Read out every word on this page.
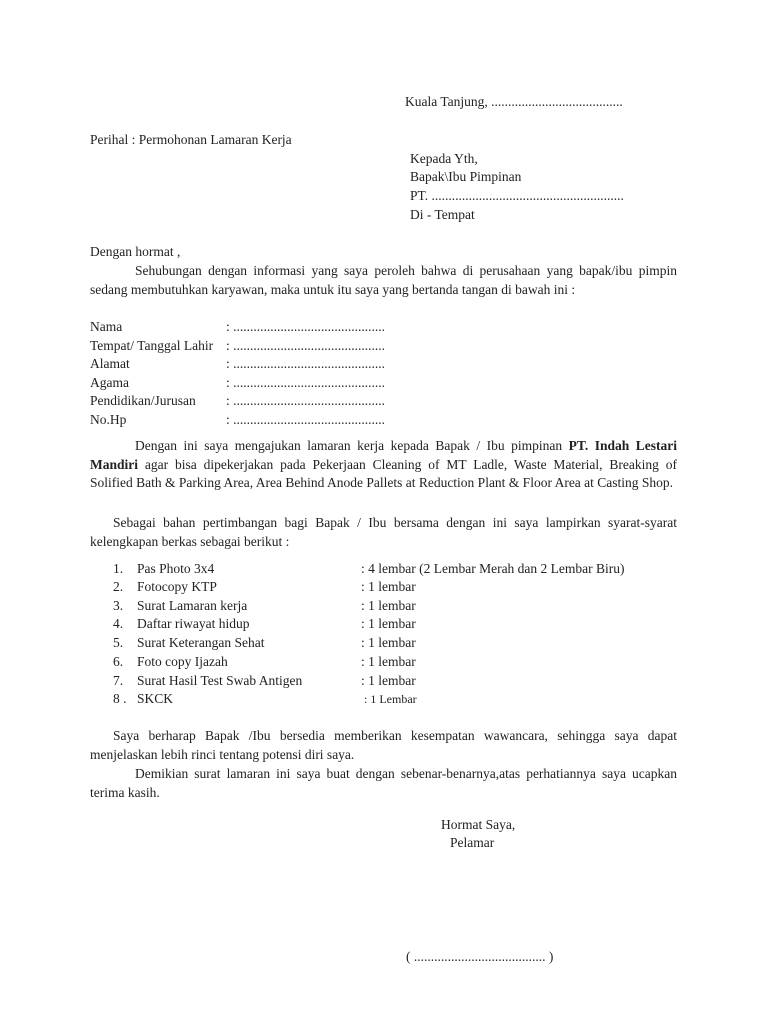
Kuala Tanjung, .......................................
Perihal : Permohonan Lamaran Kerja
Kepada Yth,
Bapak\Ibu Pimpinan
PT. .........................................................
Di - Tempat
Dengan hormat ,
Sehubungan dengan informasi yang saya peroleh bahwa di perusahaan yang bapak/ibu pimpin sedang membutuhkan karyawan, maka untuk itu saya yang bertanda tangan di bawah ini :
Nama	: .............................................
Tempat/ Tanggal Lahir : .............................................
Alamat	: .............................................
Agama	: .............................................
Pendidikan/Jurusan : .............................................
No.Hp	: .............................................
Dengan ini saya mengajukan lamaran kerja kepada Bapak / Ibu pimpinan PT. Indah Lestari Mandiri agar bisa dipekerjakan pada Pekerjaan Cleaning of MT Ladle, Waste Material, Breaking of Solified Bath & Parking Area, Area Behind Anode Pallets at Reduction Plant & Floor Area at Casting Shop.
Sebagai bahan pertimbangan bagi Bapak / Ibu bersama dengan ini saya lampirkan syarat-syarat kelengkapan berkas sebagai berikut :
1. Pas Photo 3x4	: 4 lembar (2 Lembar Merah dan 2 Lembar Biru)
2. Fotocopy KTP	: 1 lembar
3. Surat Lamaran kerja	: 1 lembar
4. Daftar riwayat hidup	: 1 lembar
5. Surat Keterangan Sehat	: 1 lembar
6. Foto copy Ijazah	: 1 lembar
7. Surat Hasil Test Swab Antigen	: 1 lembar
8 . SKCK	: 1 Lembar
Saya berharap Bapak /Ibu bersedia memberikan kesempatan wawancara, sehingga saya dapat menjelaskan lebih rinci tentang potensi diri saya.
Demikian surat lamaran ini saya buat dengan sebenar-benarnya,atas perhatiannya saya ucapkan terima kasih.
Hormat Saya,
Pelamar
( ....................................... )
